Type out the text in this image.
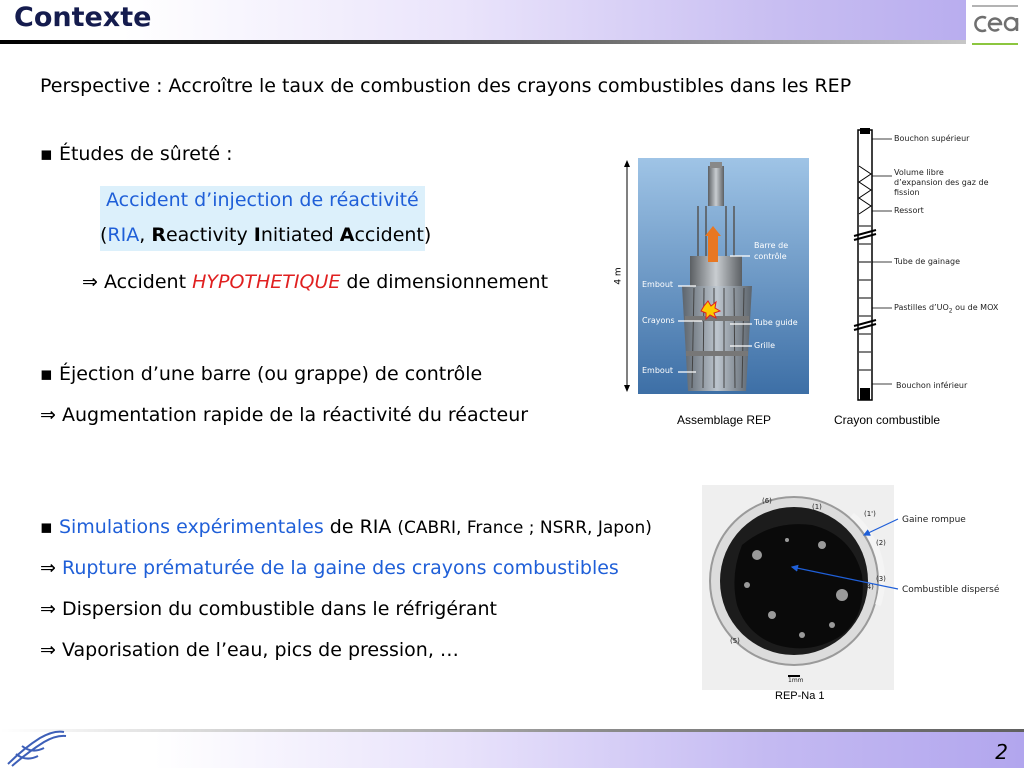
Contexte
Perspective : Accroître le taux de combustion des crayons combustibles dans les REP
▪ Études de sûreté :
Accident d’injection de réactivité
(RIA, Reactivity Initiated Accident)
⇒ Accident HYPOTHETIQUE de dimensionnement
▪ Éjection d’une barre (ou grappe) de contrôle
⇒ Augmentation rapide de la réactivité du réacteur
▪ Simulations expérimentales de RIA (CABRI, France ; NSRR, Japon)
⇒ Rupture prématurée de la gaine des crayons combustibles
⇒ Dispersion du combustible dans le réfrigérant
⇒ Vaporisation de l’eau, pics de pression, …
4 m
Barre de contrôle
Embout
Crayons	Tube guide
Grille
Embout
Assemblage REP
Bouchon supérieur
Volume libre d’expansion des gaz de fission
Ressort
Tube de gainage
Pastilles $d’UO_2$ ou de MOX
Bouchon inférieur
Crayon combustible
(6)
(1)
(1')
(2)
(3)
(4)
(5)
1mm
Gaine rompue
Combustible dispersé
REP-Na 1
2
